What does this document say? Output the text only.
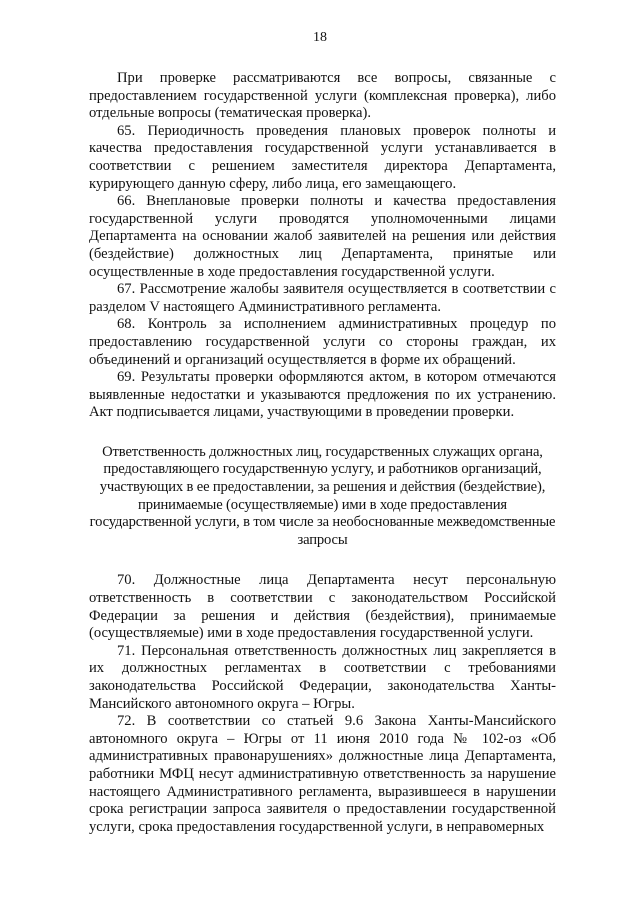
18

При проверке рассматриваются все вопросы, связанные с предоставлением государственной услуги (комплексная проверка), либо отдельные вопросы (тематическая проверка).

65. Периодичность проведения плановых проверок полноты и качества предоставления государственной услуги устанавливается в соответствии с решением заместителя директора Департамента, курирующего данную сферу, либо лица, его замещающего.

66. Внеплановые проверки полноты и качества предоставления государственной услуги проводятся уполномоченными лицами Департамента на основании жалоб заявителей на решения или действия (бездействие) должностных лиц Департамента, принятые или осуществленные в ходе предоставления государственной услуги.

67. Рассмотрение жалобы заявителя осуществляется в соответствии с разделом V настоящего Административного регламента.

68. Контроль за исполнением административных процедур по предоставлению государственной услуги со стороны граждан, их объединений и организаций осуществляется в форме их обращений.

69. Результаты проверки оформляются актом, в котором отмечаются выявленные недостатки и указываются предложения по их устранению. Акт подписывается лицами, участвующими в проведении проверки.

Ответственность должностных лиц, государственных служащих органа, предоставляющего государственную услугу, и работников организаций, участвующих в ее предоставлении, за решения и действия (бездействие), принимаемые (осуществляемые) ими в ходе предоставления государственной услуги, в том числе за необоснованные межведомственные запросы

70. Должностные лица Департамента несут персональную ответственность в соответствии с законодательством Российской Федерации за решения и действия (бездействия), принимаемые (осуществляемые) ими в ходе предоставления государственной услуги.

71. Персональная ответственность должностных лиц закрепляется в их должностных регламентах в соответствии с требованиями законодательства Российской Федерации, законодательства Ханты-Мансийского автономного округа – Югры.

72. В соответствии со статьей 9.6 Закона Ханты-Мансийского автономного округа – Югры от 11 июня 2010 года № 102-оз «Об административных правонарушениях» должностные лица Департамента, работники МФЦ несут административную ответственность за нарушение настоящего Административного регламента, выразившееся в нарушении срока регистрации запроса заявителя о предоставлении государственной услуги, срока предоставления государственной услуги, в неправомерных
